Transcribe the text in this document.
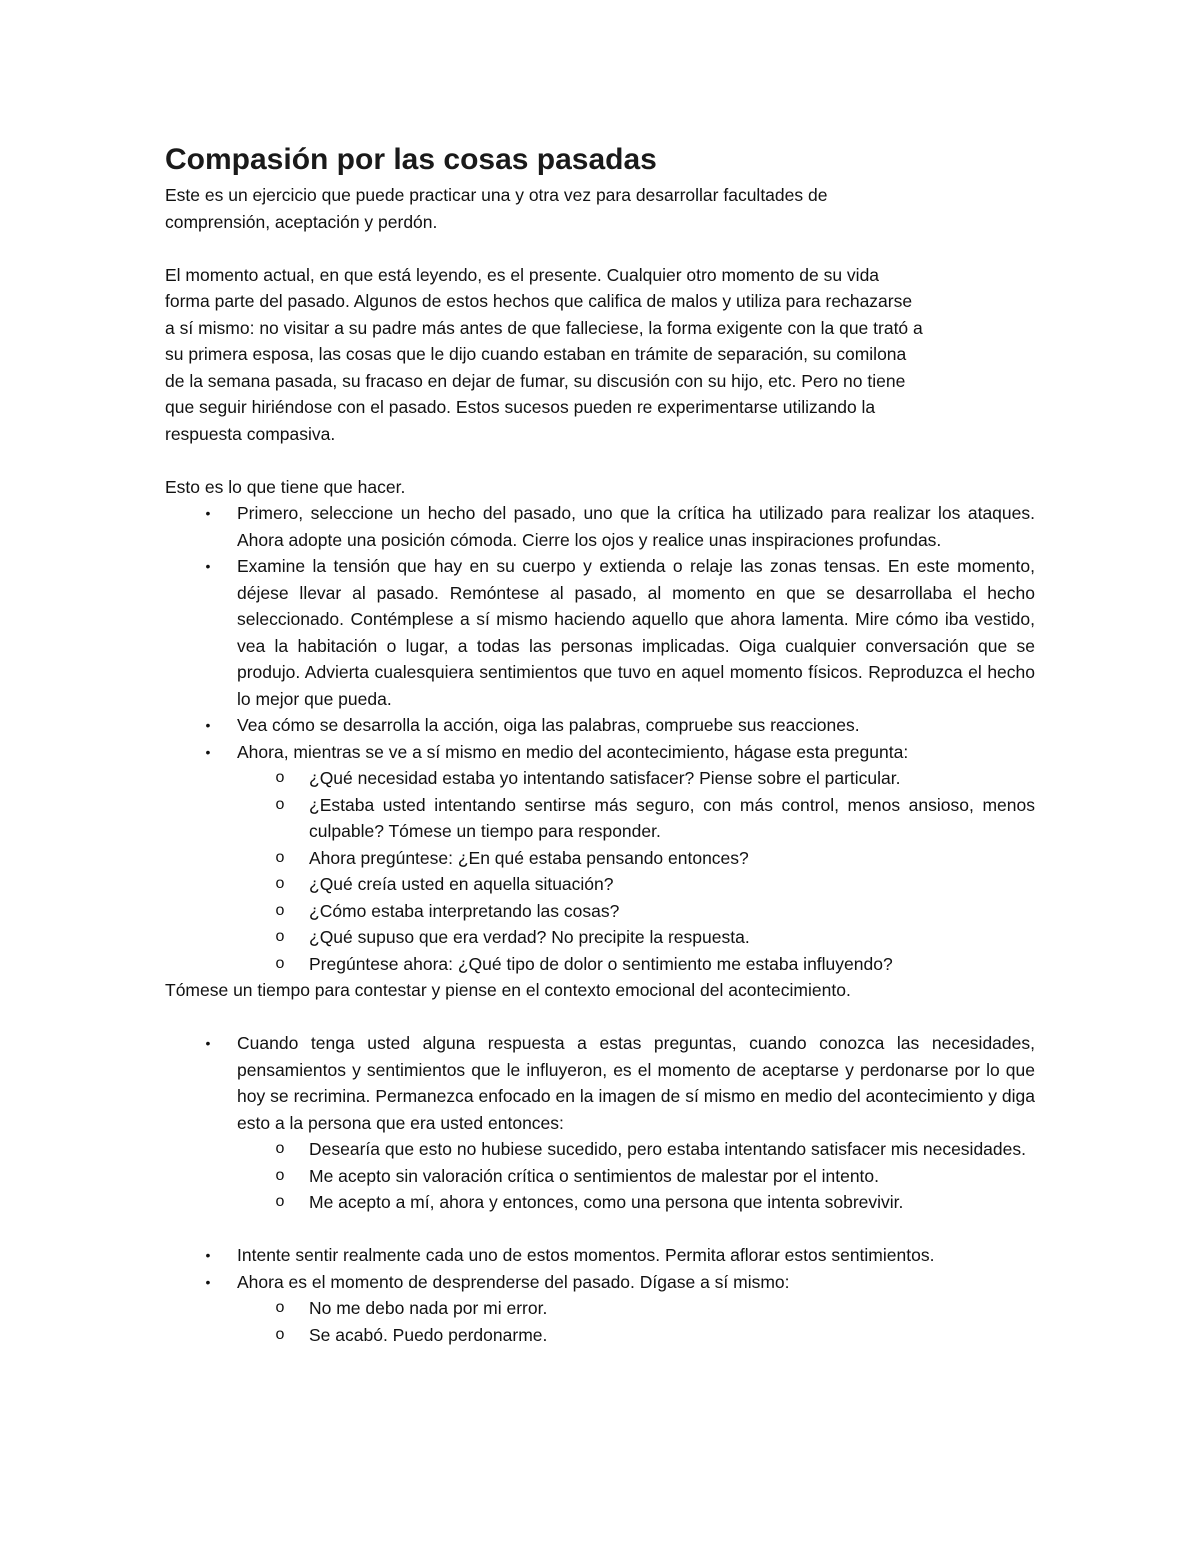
Compasión por las cosas pasadas

Este es un ejercicio que puede practicar una y otra vez para desarrollar facultades de comprensión, aceptación y perdón.

El momento actual, en que está leyendo, es el presente. Cualquier otro momento de su vida forma parte del pasado. Algunos de estos hechos que califica de malos y utiliza para rechazarse a sí mismo: no visitar a su padre más antes de que falleciese, la forma exigente con la que trató a su primera esposa, las cosas que le dijo cuando estaban en trámite de separación, su comilona de la semana pasada, su fracaso en dejar de fumar, su discusión con su hijo, etc. Pero no tiene que seguir hiriéndose con el pasado. Estos sucesos pueden re experimentarse utilizando la respuesta compasiva.

Esto es lo que tiene que hacer.

• Primero, seleccione un hecho del pasado, uno que la crítica ha utilizado para realizar los ataques. Ahora adopte una posición cómoda. Cierre los ojos y realice unas inspiraciones profundas.
• Examine la tensión que hay en su cuerpo y extienda o relaje las zonas tensas. En este momento, déjese llevar al pasado. Remóntese al pasado, al momento en que se desarrollaba el hecho seleccionado. Contémplese a sí mismo haciendo aquello que ahora lamenta. Mire cómo iba vestido, vea la habitación o lugar, a todas las personas implicadas. Oiga cualquier conversación que se produjo. Advierta cualesquiera sentimientos que tuvo en aquel momento físicos. Reproduzca el hecho lo mejor que pueda.
• Vea cómo se desarrolla la acción, oiga las palabras, compruebe sus reacciones.
• Ahora, mientras se ve a sí mismo en medio del acontecimiento, hágase esta pregunta:
o ¿Qué necesidad estaba yo intentando satisfacer? Piense sobre el particular.
o ¿Estaba usted intentando sentirse más seguro, con más control, menos ansioso, menos culpable? Tómese un tiempo para responder.
o Ahora pregúntese: ¿En qué estaba pensando entonces?
o ¿Qué creía usted en aquella situación?
o ¿Cómo estaba interpretando las cosas?
o ¿Qué supuso que era verdad? No precipite la respuesta.
o Pregúntese ahora: ¿Qué tipo de dolor o sentimiento me estaba influyendo?

Tómese un tiempo para contestar y piense en el contexto emocional del acontecimiento.

• Cuando tenga usted alguna respuesta a estas preguntas, cuando conozca las necesidades, pensamientos y sentimientos que le influyeron, es el momento de aceptarse y perdonarse por lo que hoy se recrimina. Permanezca enfocado en la imagen de sí mismo en medio del acontecimiento y diga esto a la persona que era usted entonces:
o Desearía que esto no hubiese sucedido, pero estaba intentando satisfacer mis necesidades.
o Me acepto sin valoración crítica o sentimientos de malestar por el intento.
o Me acepto a mí, ahora y entonces, como una persona que intenta sobrevivir.
• Intente sentir realmente cada uno de estos momentos. Permita aflorar estos sentimientos.
• Ahora es el momento de desprenderse del pasado. Dígase a sí mismo:
o No me debo nada por mi error.
o Se acabó. Puedo perdonarme.
